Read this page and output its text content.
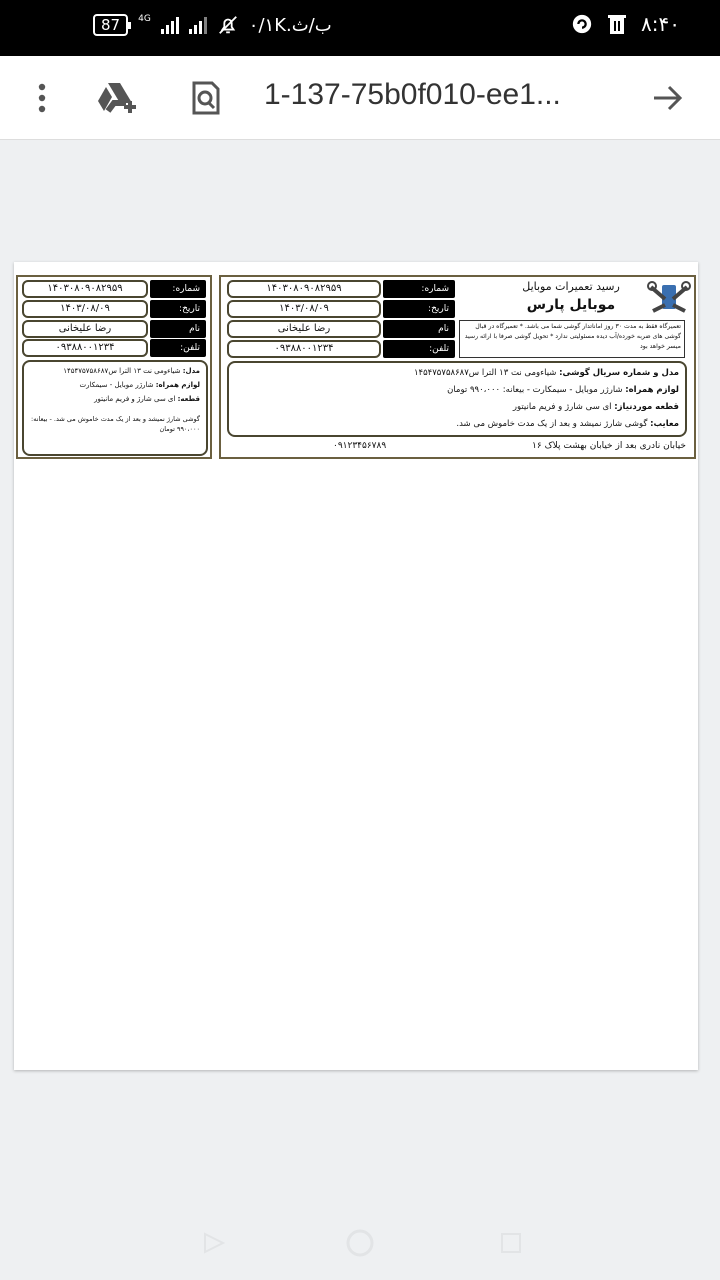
87	4G	۰/۱K.ب/ث	۸:۴۰
1-137-75b0f010-ee1...
۱۴۰۳۰۸۰۹۰۸۲۹۵۹	شماره:
۱۴۰۳/۰۸/۰۹	تاریخ:
رضا علیخانی	نام
۰۹۳۸۸۰۰۱۲۳۴	تلفن:
مدل: شیاءومی نت ۱۳ الترا س۱۴۵۴۷۵۷۵۸۶۸۷
لوازم همراه: شارژر موبایل - سیمکارت
قطعه: ای سی شارژ و فریم مانیتور
گوشی شارژ نمیشد و بعد از یک مدت خاموش می شد. - بیعانه: ۹۹۰،۰۰۰ تومان
۱۴۰۳۰۸۰۹۰۸۲۹۵۹	شماره:
۱۴۰۳/۰۸/۰۹	تاریخ:
رضا علیخانی	نام
۰۹۳۸۸۰۰۱۲۳۴	تلفن:
رسید تعمیرات موبایل
موبایل پارس
تعمیرگاه فقط به مدت ۳۰ روز اماناتدار گوشی شما می باشد. * تعمیرگاه در قبال گوشی های ضربه خورده/آب دیده مسئولیتی ندارد * تحویل گوشی صرفا با ارائه رسید میسر خواهد بود
مدل و شماره سریال گوشی: شیاءومی نت ۱۳ الترا س۱۴۵۴۷۵۷۵۸۶۸۷
لوازم همراه: شارژر موبایل - سیمکارت - بیعانه: ۹۹۰،۰۰۰ تومان
قطعه موردنیاز: ای سی شارژ و فریم مانیتور
معایب: گوشی شارژ نمیشد و بعد از یک مدت خاموش می شد.
خیابان نادری بعد از خیابان بهشت پلاک ۱۶
۰۹۱۲۳۴۵۶۷۸۹
